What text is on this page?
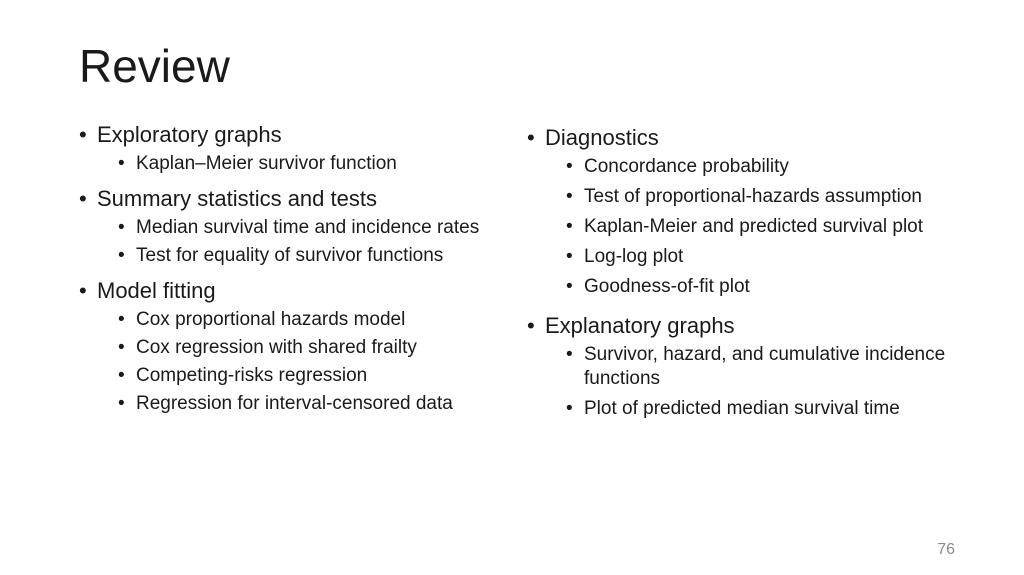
Review
• Exploratory graphs
• Kaplan–Meier survivor function
• Summary statistics and tests
• Median survival time and incidence rates
• Test for equality of survivor functions
• Model fitting
• Cox proportional hazards model
• Cox regression with shared frailty
• Competing-risks regression
• Regression for interval-censored data
• Diagnostics
• Concordance probability
• Test of proportional-hazards assumption
• Kaplan-Meier and predicted survival plot
• Log-log plot
• Goodness-of-fit plot
• Explanatory graphs
• Survivor, hazard, and cumulative incidence functions
• Plot of predicted median survival time
76
